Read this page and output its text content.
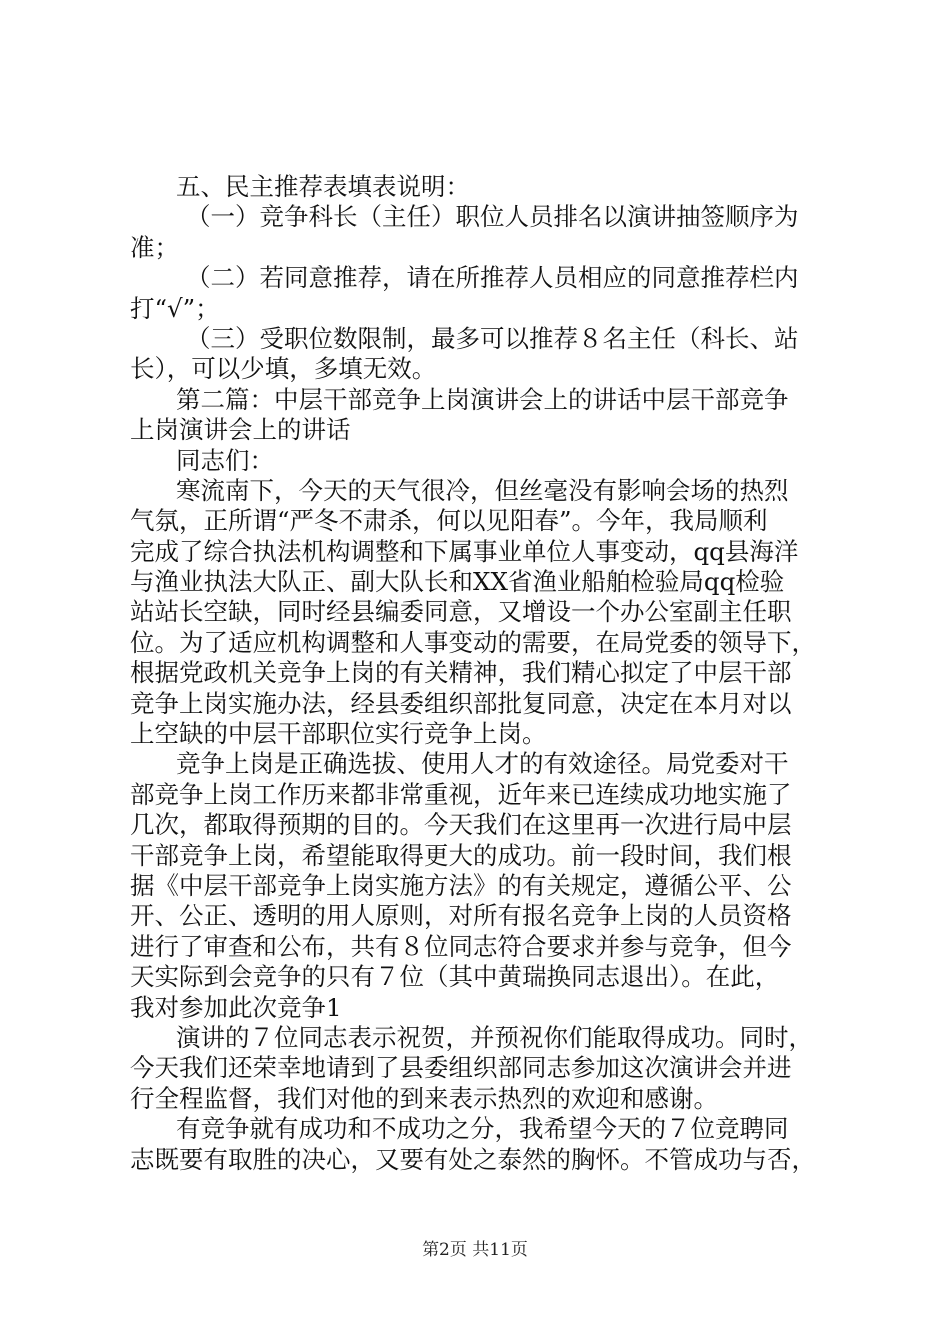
五、民主推荐表填表说明：
（一）竞争科长（主任）职位人员排名以演讲抽签顺序为
准；
（二）若同意推荐，请在所推荐人员相应的同意推荐栏内
打“√”；
（三）受职位数限制，最多可以推荐８名主任（科长、站
长），可以少填，多填无效。
第二篇：中层干部竞争上岗演讲会上的讲话中层干部竞争
上岗演讲会上的讲话
同志们：
寒流南下，今天的天气很冷，但丝毫没有影响会场的热烈
气氛，正所谓“严冬不肃杀，何以见阳春”。今年，我局顺利
完成了综合执法机构调整和下属事业单位人事变动，qq县海洋
与渔业执法大队正、副大队长和XX省渔业船舶检验局qq检验
站站长空缺，同时经县编委同意，又增设一个办公室副主任职
位。为了适应机构调整和人事变动的需要，在局党委的领导下，
根据党政机关竞争上岗的有关精神，我们精心拟定了中层干部
竞争上岗实施办法，经县委组织部批复同意，决定在本月对以
上空缺的中层干部职位实行竞争上岗。
竞争上岗是正确选拔、使用人才的有效途径。局党委对干
部竞争上岗工作历来都非常重视，近年来已连续成功地实施了
几次，都取得预期的目的。今天我们在这里再一次进行局中层
干部竞争上岗，希望能取得更大的成功。前一段时间，我们根
据《中层干部竞争上岗实施方法》的有关规定，遵循公平、公
开、公正、透明的用人原则，对所有报名竞争上岗的人员资格
进行了审查和公布，共有８位同志符合要求并参与竞争，但今
天实际到会竞争的只有７位（其中黄瑞换同志退出）。在此，
我对参加此次竞争1
演讲的７位同志表示祝贺，并预祝你们能取得成功。同时，
今天我们还荣幸地请到了县委组织部同志参加这次演讲会并进
行全程监督，我们对他的到来表示热烈的欢迎和感谢。
有竞争就有成功和不成功之分，我希望今天的７位竞聘同
志既要有取胜的决心，又要有处之泰然的胸怀。不管成功与否，
第2页 共11页
